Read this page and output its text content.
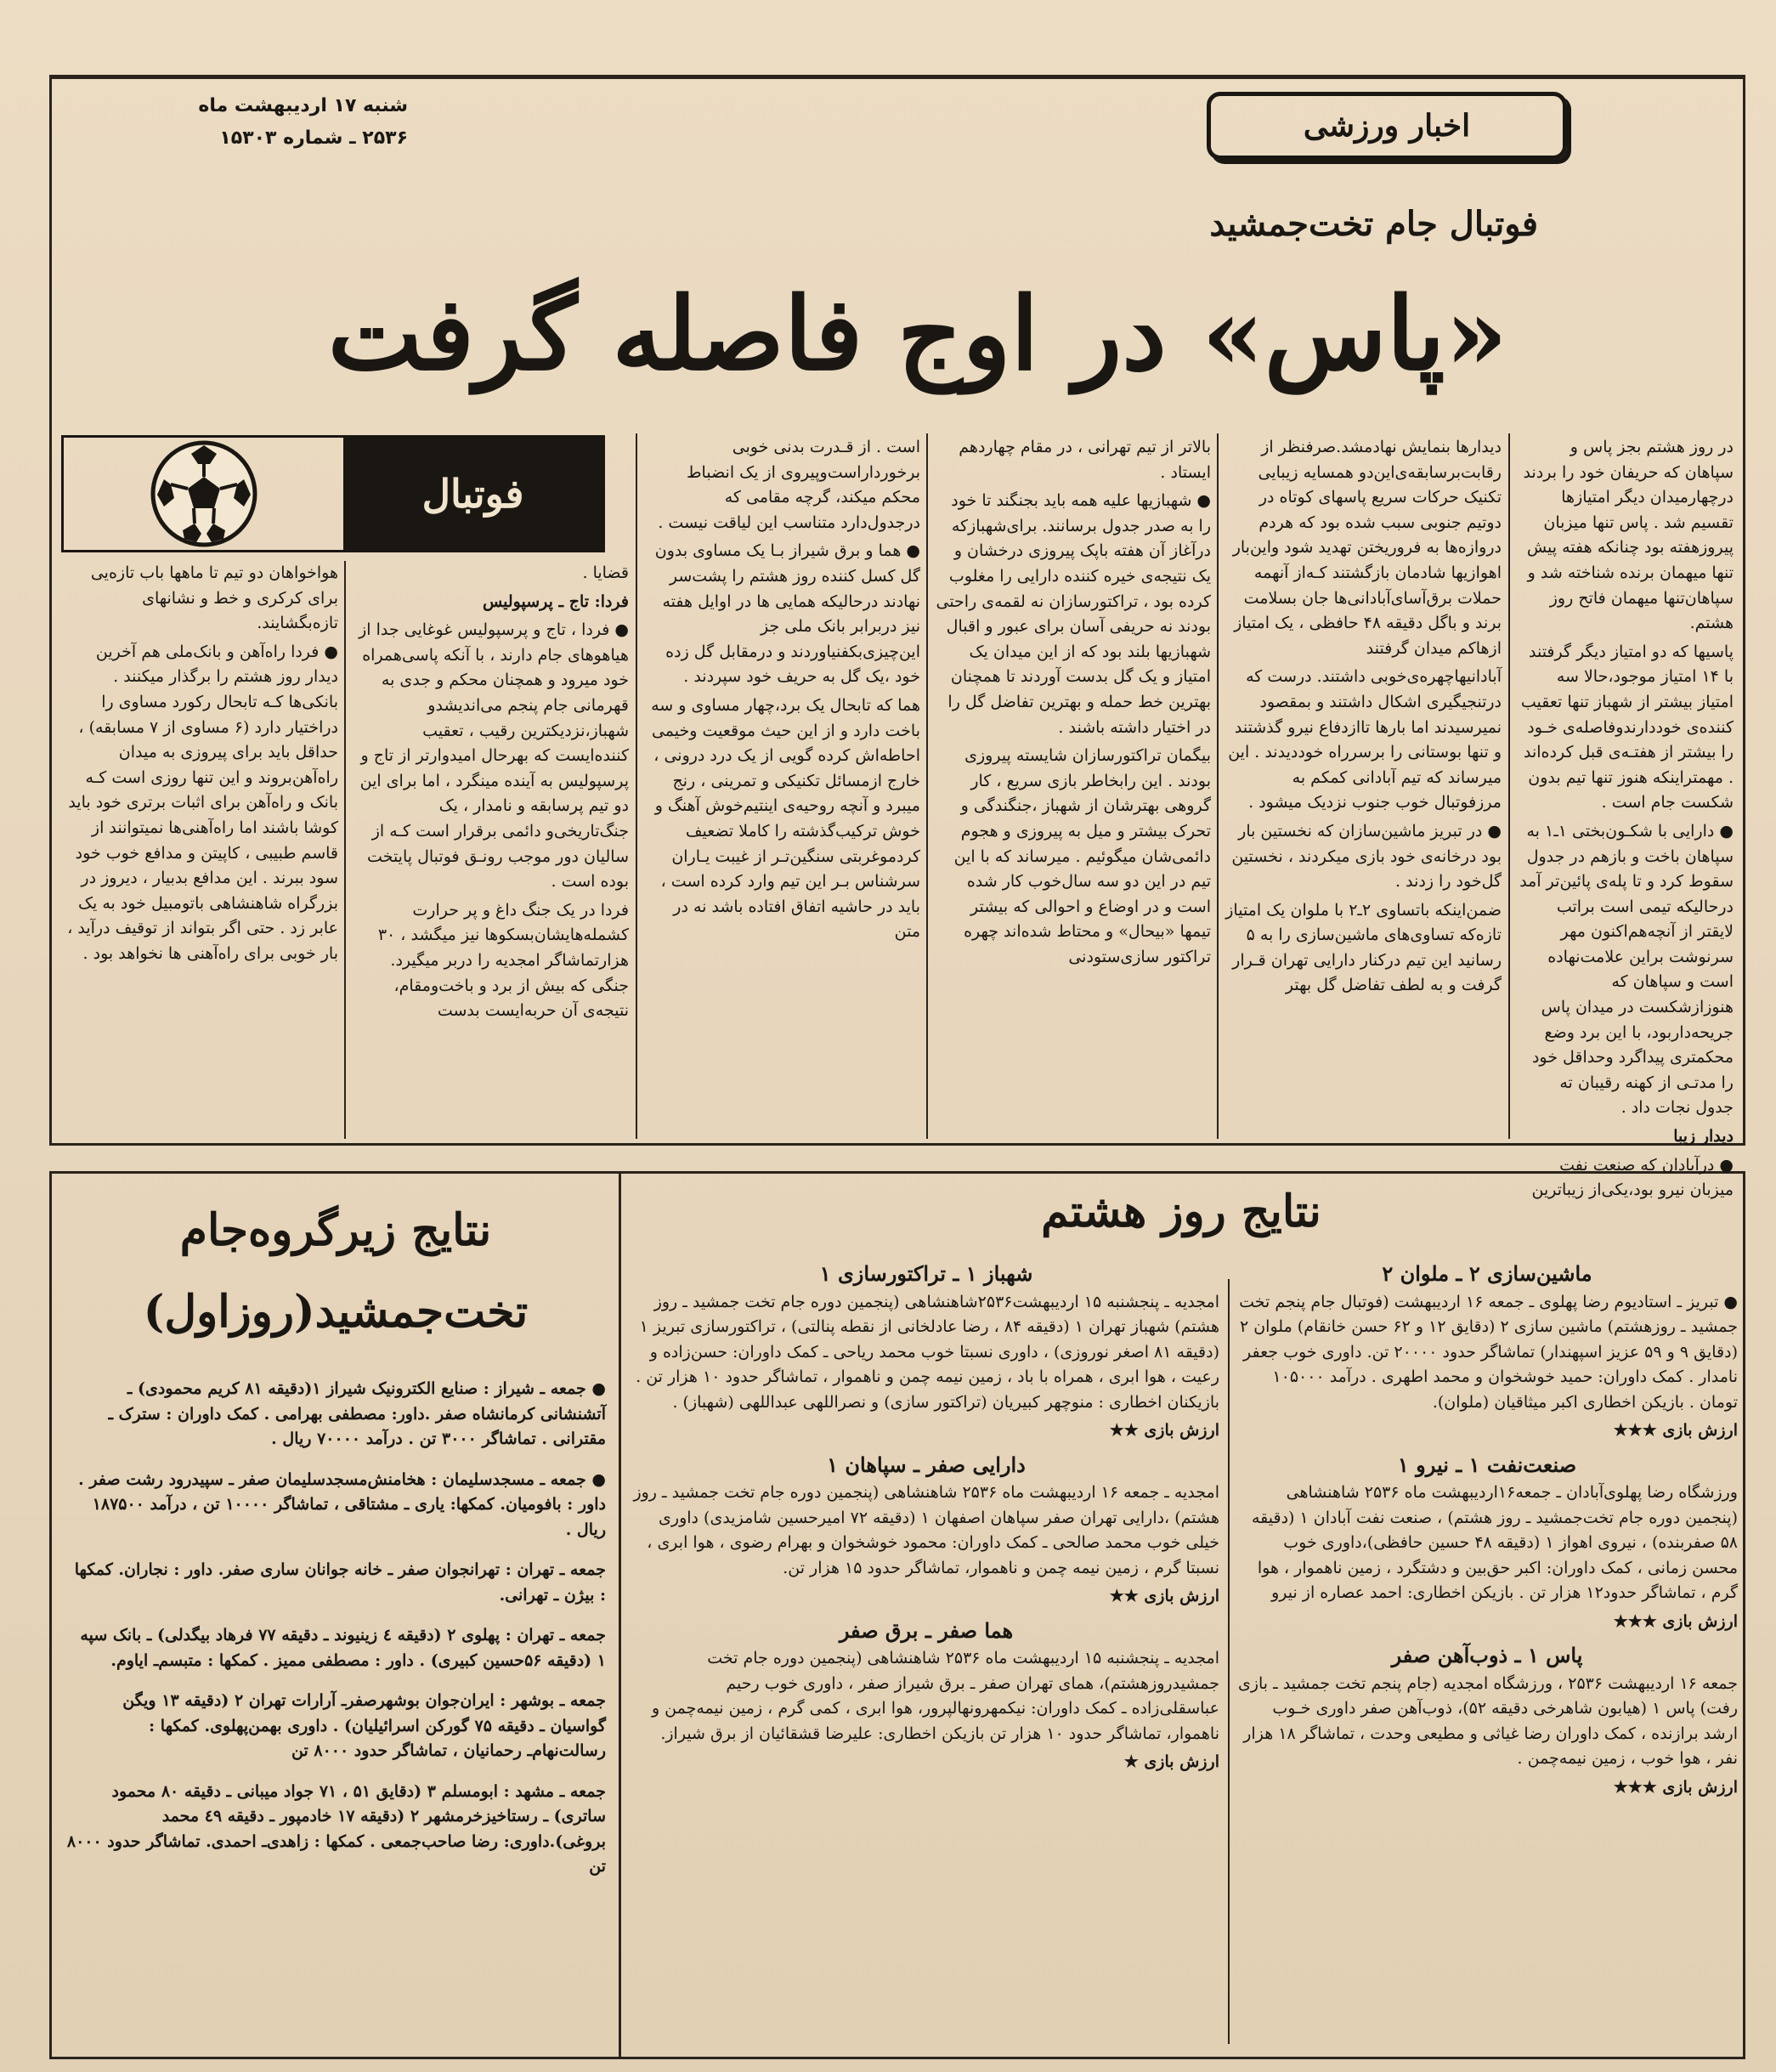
اخبار ورزشی
شنبه ۱۷ اردیبهشت ماه
۲۵۳۶ ـ شماره ۱۵۳۰۳
فوتبال جام تخت‌جمشید
«پاس» در اوج فاصله گرفت
فوتبال

در روز هشتم بجز پاس و سپاهان که حریفان خود را بردند درچهارمیدان دیگر امتیازها تقسیم شد . پاس تنها میزبان پیروزهفته بود چنانکه هفته پیش تنها میهمان برنده شناخته شد و سپاهان‌تنها میهمان فاتح روز هشتم.

پاسیها که دو امتیاز دیگر گرفتند با ۱۴ امتیاز موجود،حالا سه امتیاز بیشتر از شهباز تنها تعقیب کننده‌ی خوددارندوفاصله‌ی خـود را بیشتر از هفتـه‌ی قبل کرده‌اند . مهمتراینکه هنوز تنها تیم بدون شکست جام است .

● دارایی با شکـون‌بختی ۱ـ۱ به سپاهان باخت و بازهم در جدول سقوط کرد و تا پله‌ی پائین‌تر آمد درحالیکه تیمی است براتب لایقتر از آنچه‌هم‌اکنون مهر سرنوشت براین علامت‌نهاده است و سپاهان که هنوزازشکست در میدان پاس جریحه‌داربود، با این برد وضع محکمتری پیداگرد وحداقل خود را مدتـی از کهنه رقیبان ته جدول نجات داد .

دیدار زیبا

● درآبادان که صنعت نفت میزبان نیرو بود،یکی‌از زیباترین

دیدارها بنمایش نهادمشد.صرفنظر از رقابت‌برسابقه‌ی‌این‌دو همسایه زیبایی تکنیک حرکات سریع پاسهای کوتاه در دوتیم جنوبی سبب شده بود که هردم دروازه‌ها به فروریختن تهدید شود واین‌بار اهوازیها شادمان بازگشتند کـه‌از آنهمه حملات برق‌آسای‌آبادانی‌ها جان بسلامت برند و باگل دقیقه ۴۸ حافظی ، یک امتیاز ازهاکم میدان گرفتند

آبادانیهاچهره‌ی‌خوبی داشتند. درست که درتنجیگیری اشکال داشتند و بمقصود نمیرسیدند اما بارها تاازدفاع نیرو گذشتند و تنها بوستانی را برسرراه خوددیدند . این میرساند که تیم آبادانی کمکم به مرزفوتبال خوب جنوب نزدیک میشود .

● در تبریز ماشین‌سازان که نخستین بار بود درخانه‌ی خود بازی میکردند ، نخستین گل‌خود را زدند .

ضمن‌اینکه باتساوی ۲ـ۲ با ملوان یک امتیاز تازه‌که تساوی‌های ماشین‌سازی را به ۵ رسانید این تیم درکنار دارایی تهران قـرار گرفت و به لطف تفاضل گل بهتر

بالاتر از تیم تهرانی ، در مقام چهاردهم ایستاد .

● شهبازیها علیه همه باید بجنگند تا خود را به صدر جدول برسانند. برای‌شهبازکه درآغاز آن هفته باپک پیروزی درخشان و یک نتیجه‌ی خیره کننده دارایی را مغلوب کرده بود ، تراکتور‌سازان نه لقمه‌ی راحتی بودند نه حریفی آسان برای عبور و اقبال شهبازیها بلند بود که از این میدان یک امتیاز و یک گل بدست آوردند تا همچنان بهترین خط حمله و بهترین تفاضل گل را در اختیار داشته باشند .

بیگمان تراکتورسازان شایسته پیروزی بودند . این رابخاطر بازی سریع ، کار گروهی بهترشان از شهباز ،جنگندگی و تحرک بیشتر و میل به پیروزی و هجوم دائمی‌شان میگوئیم . میرساند که با این تیم در این دو سه سال‌خوب کار شده است و در اوضاع و احوالی که بیشتر تیمها «بیحال» و محتاط شده‌اند چهره تراکتور سازی‌ستودنی

است . از قـدرت بدنی خوبی برخورداراست‌وپیروی از یک انضباط محکم میکند، گرچه مقامی که درجدول‌دارد متناسب این لیاقت نیست .

● هما و برق شیراز بـا یک مساوی بدون گل کسل کننده روز هشتم را پشت‌سر نهادند درحالیکه همایی ها در اوایل هفته نیز دربرابر بانک ملی جز این‌چیزی‌بکفنیاوردند و درمقابل گل زده خود ،یک گل به حریف خود سپردند .

هما که تابحال یک برد،چهار مساوی و سه باخت دارد و از این حیث موقعیت وخیمی احاطه‌اش کرده گویی از یک درد درونی ، خارج ازمسائل تکنیکی و تمرینی ، رنج میبرد و آنچه روحیه‌ی اینتیم‌خوش آهنگ و خوش ترکیب‌گذشته را کاملا تضعیف کردموغربتی سنگین‌تـر از غیبت یـاران سرشناس بـر این تیم وارد کرده است ، باید در حاشیه اتفاق افتاده باشد نه در متن

قضایا .

فردا: تاج ـ پرسپولیس

● فردا ، تاج و پرسپولیس غوغایی جدا از هیاهوهای جام دارند ، با آنکه پاسی‌همراه خود میرود و همچنان محکم و جدی به قهرمانی جام پنجم می‌اندیشدو شهباز،نزدیکترین رقیب ، تعقیب کننده‌ایست که بهرحال امیدوارتر از تاج و پرسپولیس به آینده مینگرد ، اما برای این دو تیم پرسابقه و نامدار ، یک جنگ‌تاریخی‌و دائمی برقرار است کـه از سالیان دور موجب رونـق فوتبال پایتخت بوده است .

فردا در یک جنگ داغ‌ و پر حرارت کشمله‌هایشان‌بسکوها نیز میگشد ، ۳۰ هزارتماشاگر امجدیه را دربر میگیرد. جنگی که بیش از برد و باخت‌ومقام، نتیجه‌ی آن حربه‌ایست بدست

هواخواهان دو تیم تا ماهها باب تازه‌یی برای کرکری و خط و نشانهای تازه‌بگشایند.

● فردا راه‌آهن و بانک‌ملی هم آخرین دیدار روز هشتم را برگذار میکنند . بانکی‌ها کـه تابحال رکورد مساوی را دراختیار دارد (۶ مساوی از ۷ مسابقه) ، حداقل باید برای پیروزی به میدان راه‌آهن‌بروند و این تنها روزی است کـه بانک و راه‌آهن برای اثبات برتری خود باید کوشا باشند اما راه‌آهنی‌ها نمیتوانند از قاسم طبیبی ، کاپیتن و مدافع خوب خود سود ببرند . این مدافع بدبیار ، دیروز در بزرگراه شاهنشاهی باتومبیل خود به یک عابر زد . حتی اگر بتواند از توقیف درآید ، بار خوبی برای راه‌آهنی ها نخواهد بود .

نتایج روز هشتم
ماشین‌سازی ۲ ـ ملوان ۲
● تبریز ـ استادیوم رضا پهلوی ـ جمعه ۱۶ اردیبهشت (فوتبال جام پنجم تخت جمشید ـ روزهشتم) ماشین سازی ۲ (دقایق ۱۲ و ۶۲ حسن خانقام) ملوان ۲ (دقایق ۹ و ۵۹ عزیز اسپهندار) تماشاگر حدود ۲۰۰۰۰ تن. داوری خوب جعفر نامدار . کمک داوران: حمید خوشخوان و محمد اطهری . درآمد ۱۰۵۰۰۰ تومان . بازیکن اخطاری اکبر میثاقیان (ملوان).
ارزش بازی ★★★
صنعت‌نفت ۱ ـ نیرو ۱
ورزشگاه رضا پهلوی‌آبادان ـ جمعه‌۱۶اردیبهشت ماه ۲۵۳۶ شاهنشاهی (پنجمین دوره جام تخت‌جمشید ـ روز هشتم) ، صنعت نفت آبادان ۱ (دقیقه ۵۸ صفربنده) ، نیروی اهواز ۱ (دقیقه ۴۸ حسین حافظی)،داوری خوب محسن زمانی ، کمک داوران: اکبر حق‌بین و دشتگرد ، زمین ناهموار ، هوا گرم ، تماشاگر حدود۱۲ هزار تن . بازیکن اخطاری: احمد عصاره از نیرو
ارزش بازی ★★★
پاس ۱ ـ ذوب‌آهن صفر
جمعه ۱۶ اردیبهشت ۲۵۳۶ ، ورزشگاه امجدیه (جام پنجم تخت جمشید ـ بازی رفت) پاس ۱ (هیابون شاهرخی دقیقه ۵۲)، ذوب‌آهن صفر داوری خـوب ارشد برازنده ، کمک داوران رضا غیاثی و مطیعی وحدت ، تماشاگر ۱۸ هزار نفر ، هوا خوب ، زمین نیمه‌چمن .
ارزش بازی ★★★
شهباز ۱ ـ تراکتورسازی ۱
امجدیه ـ پنجشنبه ۱۵ اردیبهشت۲۵۳۶شاهنشاهی (پنجمین دوره جام تخت جمشید ـ روز هشتم) شهباز تهران ۱ (دقیقه ۸۴ ، رضا عادلخانی از نقطه پنالتی) ، تراکتورسازی تبریز ۱ (دقیقه ۸۱ اصغر نوروزی) ، داوری نسبتا خوب محمد ریاحی ـ کمک داوران: حسن‌زاده و رعیت ، هوا ابری ، همراه با باد ، زمین نیمه چمن و ناهموار ، تماشاگر حدود ۱۰ هزار تن . بازیکنان اخطاری : منوچهر کبیریان (تراکتور سازی) و نصراللهی عبداللهی (شهباز) .
ارزش بازی ★★
دارایی صفر ـ سپاهان ۱
امجدیه ـ جمعه ۱۶ اردیبهشت ماه ۲۵۳۶ شاهنشاهی (پنجمین دوره جام تخت جمشید ـ روز هشتم) ،دارایی تهران صفر سپاهان اصفهان ۱ (دقیقه ۷۲ امیرحسین شامزیدی) داوری خیلی خوب محمد صالحی ـ کمک داوران: محمود خوشخوان و بهرام رضوی ، هوا ابری ، نسبتا گرم ، زمین نیمه چمن و ناهموار، تماشاگر حدود ۱۵ هزار تن.
ارزش بازی ★★
هما صفر ـ برق صفر
امجدیه ـ پنجشنبه ۱۵ اردیبهشت ماه ۲۵۳۶ شاهنشاهی (پنجمین دوره جام تخت جمشید‌روزهشتم)، همای تهران صفر ـ برق شیراز صفر ، داوری خوب رحیم عباسقلی‌زاده ـ کمک داوران: نیکمهرونهالپرور، هوا ابری ، کمی گرم ، زمین نیمه‌چمن و ناهموار، تماشاگر حدود ۱۰ هزار تن بازیکن اخطاری: علیرضا قشقائیان از برق شیراز.
ارزش بازی ★
نتایج زیرگروه‌جام
تخت‌جمشید(روزاول)

● جمعه ـ شیراز : صنایع الکترونیک شیراز ۱(دقیقه ۸۱ کریم محمودی) ـ آتشنشانی کرمانشاه صفر .داور: مصطفی بهرامی . کمک داوران : سترک ـ مقترانی . تماشاگر ۳۰۰۰ تن . درآمد ۷۰۰۰۰ ریال .

● جمعه ـ مسجدسلیمان : هخامنش‌مسجدسلیمان صفر ـ سپیدرود رشت صفر . داور : بافومیان. کمکها: یاری ـ مشتاقی ، تماشاگر ۱۰۰۰۰ تن ، درآمد ۱۸۷۵۰۰ ریال .

جمعه ـ تهران : تهرانجوان صفر ـ خانه جوانان ساری صفر. داور : نجاران. کمکها : بیژن ـ تهرانی.

جمعه ـ تهران : پهلوی ۲ (دقیقه ٤ زینیوند ـ دقیقه ۷۷ فرهاد بیگدلی) ـ بانک سپه ۱ (دقیقه ۵۶حسین کبیری) . داور : مصطفی ممیز . کمکها : متبسم‌ـ ایاوم.

جمعه ـ بوشهر : ایران‌جوان بوشهرصفرـ آرارات تهران ۲ (دقیقه ۱۳ ویگن گواسیان ـ دقیقه ۷۵ گورکن اسرائیلیان) . داوری بهمن‌پهلوی. کمکها : رسالت‌نهام‌ـ رحمانیان ، تماشاگر حدود ۸۰۰۰ تن

جمعه ـ مشهد : ابومسلم ۳ (دقایق ۵۱ ، ۷۱ جواد میبانی ـ دقیقه ۸۰ محمود ساتری) ـ رستاخیزخرمشهر ۲ (دقیقه ۱۷ خادمپور ـ دقیقه ٤۹ محمد بروغی).داوری: رضا صاحب‌جمعی . کمکها : زاهدی‌ـ احمدی. تماشاگر حدود ۸۰۰۰ تن
